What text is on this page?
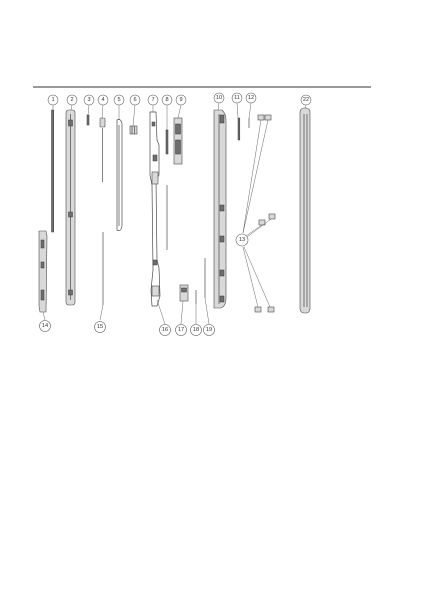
1	2 3 4 5 6	7 8 9	10 11 12	22
13
14	15	16 17 18 19
